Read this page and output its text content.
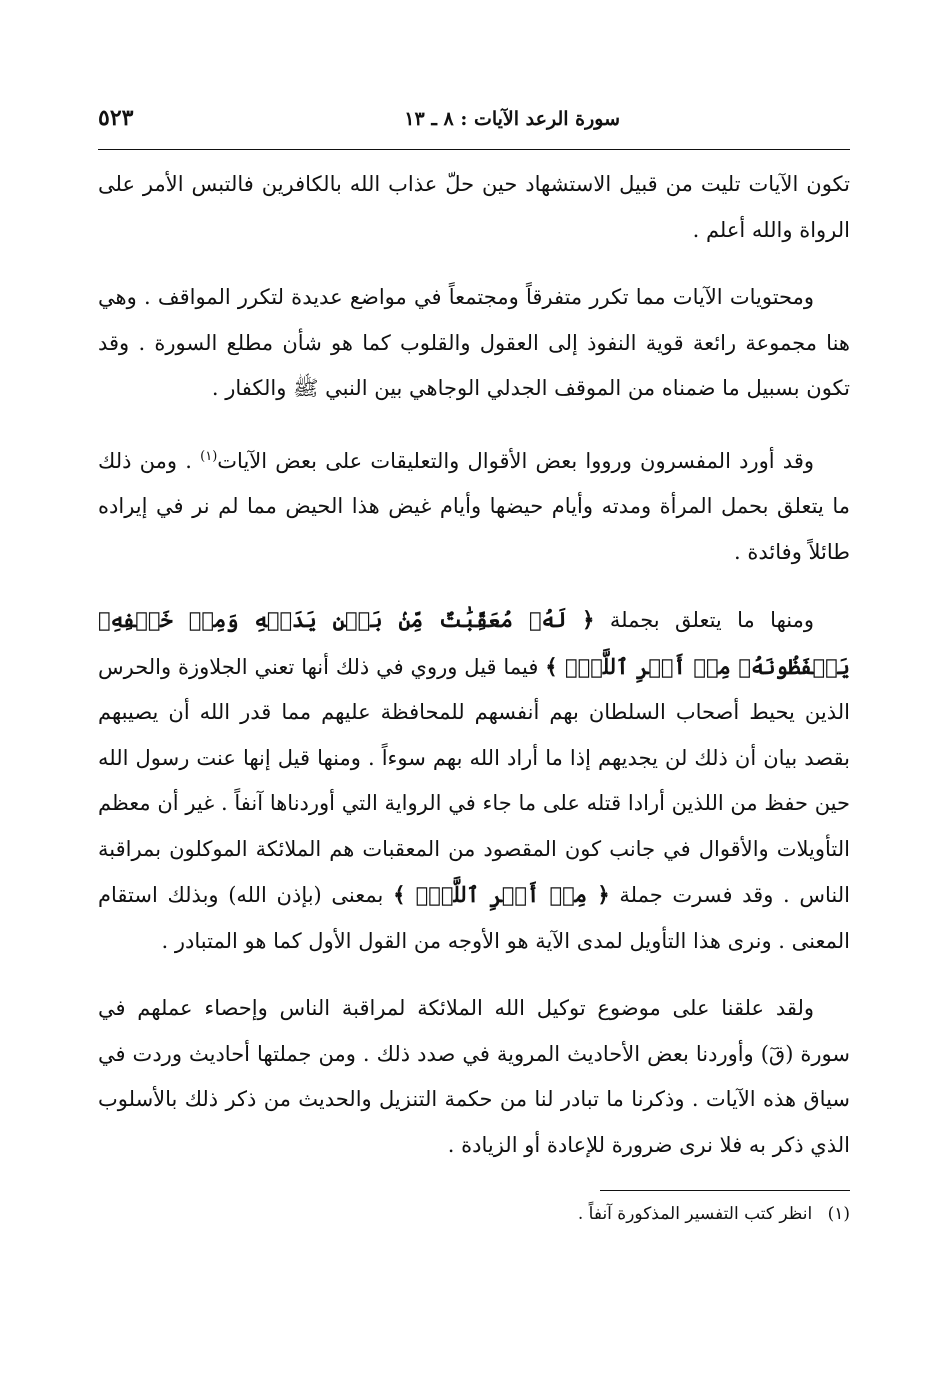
سورة الرعد الآيات : ٨ ـ ١٣
٥٢٣

تكون الآيات تليت من قبيل الاستشهاد حين حلّ عذاب الله بالكافرين فالتبس الأمر على الرواة والله أعلم .

ومحتويات الآيات مما تكرر متفرقاً ومجتمعاً في مواضع عديدة لتكرر المواقف . وهي هنا مجموعة رائعة قوية النفوذ إلى العقول والقلوب كما هو شأن مطلع السورة . وقد تكون بسبيل ما ضمناه من الموقف الجدلي الوجاهي بين النبي ﷺ والكفار .

وقد أورد المفسرون ورووا بعض الأقوال والتعليقات على بعض الآيات$^{(١)}$ . ومن ذلك ما يتعلق بحمل المرأة ومدته وأيام حيضها وأيام غيض هذا الحيض مما لم نر في إيراده طائلاً وفائدة .

ومنها ما يتعلق بجملة ﴿ لَهُۥ مُعَقِّبَٰتٌ مِّنۢ بَيۡنِ يَدَيۡهِ وَمِنۡ خَلۡفِهِۦ يَحۡفَظُونَهُۥ مِنۡ أَمۡرِ ٱللَّهِۗ ﴾ فيما قيل وروي في ذلك أنها تعني الجلاوزة والحرس الذين يحيط أصحاب السلطان بهم أنفسهم للمحافظة عليهم مما قدر الله أن يصيبهم بقصد بيان أن ذلك لن يجديهم إذا ما أراد الله بهم سوءاً . ومنها قيل إنها عنت رسول الله حين حفظ من اللذين أرادا قتله على ما جاء في الرواية التي أوردناها آنفاً . غير أن معظم التأويلات والأقوال في جانب كون المقصود من المعقبات هم الملائكة الموكلون بمراقبة الناس . وقد فسرت جملة ﴿ مِنۡ أَمۡرِ ٱللَّهِۗ ﴾ بمعنى (بإذن الله) وبذلك استقام المعنى . ونرى هذا التأويل لمدى الآية هو الأوجه من القول الأول كما هو المتبادر .

ولقد علقنا على موضوع توكيل الله الملائكة لمراقبة الناس وإحصاء عملهم في سورة (قٓ) وأوردنا بعض الأحاديث المروية في صدد ذلك . ومن جملتها أحاديث وردت في سياق هذه الآيات . وذكرنا ما تبادر لنا من حكمة التنزيل والحديث من ذكر ذلك بالأسلوب الذي ذكر به فلا نرى ضرورة للإعادة أو الزيادة .

(١) انظر كتب التفسير المذكورة آنفاً .
